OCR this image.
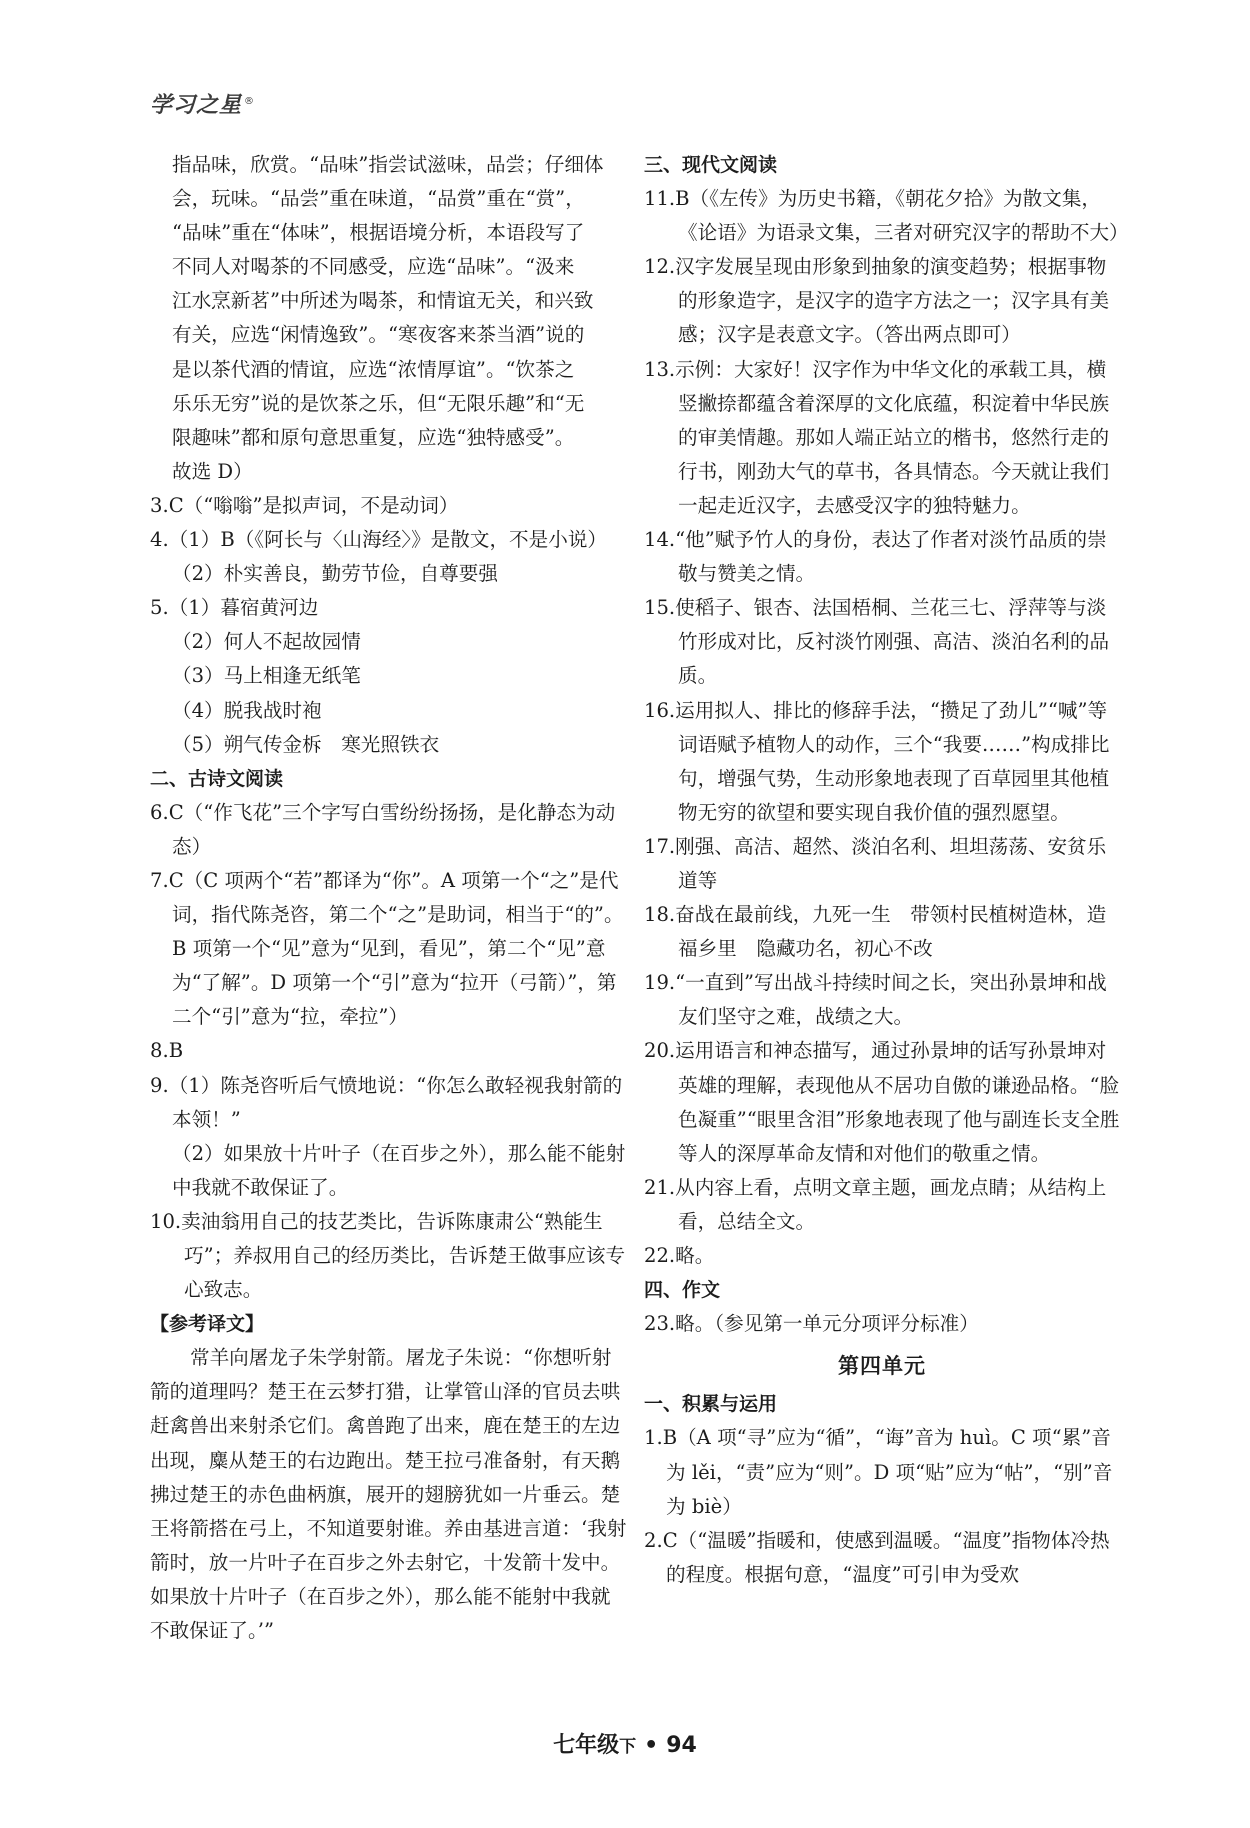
学习之星 ®

指品味，欣赏。“品味”指尝试滋味，品尝；仔细体

会，玩味。“品尝”重在味道，“品赏”重在“赏”，

“品味”重在“体味”，根据语境分析，本语段写了

不同人对喝茶的不同感受，应选“品味”。“汲来

江水烹新茗”中所述为喝茶，和情谊无关，和兴致

有关，应选“闲情逸致”。“寒夜客来茶当酒”说的

是以茶代酒的情谊，应选“浓情厚谊”。“饮茶之

乐乐无穷”说的是饮茶之乐，但“无限乐趣”和“无

限趣味”都和原句意思重复，应选“独特感受”。

故选 D）

3.C（“嗡嗡”是拟声词，不是动词）

4.（1）B（《阿长与〈山海经〉》是散文，不是小说）

（2）朴实善良，勤劳节俭，自尊要强

5.（1）暮宿黄河边

（2）何人不起故园情

（3）马上相逢无纸笔

（4）脱我战时袍

（5）朔气传金柝　寒光照铁衣

二、古诗文阅读

6.C（“作飞花”三个字写白雪纷纷扬扬，是化静态为动态）

7.C（C 项两个“若”都译为“你”。A 项第一个“之”是代词，指代陈尧咨，第二个“之”是助词，相当于“的”。B 项第一个“见”意为“见到，看见”，第二个“见”意为“了解”。D 项第一个“引”意为“拉开（弓箭）”，第二个“引”意为“拉，牵拉”）

8.B

9.（1）陈尧咨听后气愤地说：“你怎么敢轻视我射箭的本领！”

（2）如果放十片叶子（在百步之外），那么能不能射中我就不敢保证了。

10.卖油翁用自己的技艺类比，告诉陈康肃公“熟能生巧”；养叔用自己的经历类比，告诉楚王做事应该专心致志。

【参考译文】

常羊向屠龙子朱学射箭。屠龙子朱说：“你想听射箭的道理吗？楚王在云梦打猎，让掌管山泽的官员去哄赶禽兽出来射杀它们。禽兽跑了出来，鹿在楚王的左边出现，麋从楚王的右边跑出。楚王拉弓准备射，有天鹅拂过楚王的赤色曲柄旗，展开的翅膀犹如一片垂云。楚王将箭搭在弓上，不知道要射谁。养由基进言道：‘我射箭时，放一片叶子在百步之外去射它，十发箭十发中。如果放十片叶子（在百步之外），那么能不能射中我就不敢保证了。’”

三、现代文阅读

11.B（《左传》为历史书籍，《朝花夕拾》为散文集，《论语》为语录文集，三者对研究汉字的帮助不大）

12.汉字发展呈现由形象到抽象的演变趋势；根据事物的形象造字，是汉字的造字方法之一；汉字具有美感；汉字是表意文字。（答出两点即可）

13.示例：大家好！汉字作为中华文化的承载工具，横竖撇捺都蕴含着深厚的文化底蕴，积淀着中华民族的审美情趣。那如人端正站立的楷书，悠然行走的行书，刚劲大气的草书，各具情态。今天就让我们一起走近汉字，去感受汉字的独特魅力。

14.“他”赋予竹人的身份，表达了作者对淡竹品质的崇敬与赞美之情。

15.使稻子、银杏、法国梧桐、兰花三七、浮萍等与淡竹形成对比，反衬淡竹刚强、高洁、淡泊名利的品质。

16.运用拟人、排比的修辞手法，“攒足了劲儿”“喊”等词语赋予植物人的动作，三个“我要……”构成排比句，增强气势，生动形象地表现了百草园里其他植物无穷的欲望和要实现自我价值的强烈愿望。

17.刚强、高洁、超然、淡泊名利、坦坦荡荡、安贫乐道等

18.奋战在最前线，九死一生　带领村民植树造林，造福乡里　隐藏功名，初心不改

19.“一直到”写出战斗持续时间之长，突出孙景坤和战友们坚守之难，战绩之大。

20.运用语言和神态描写，通过孙景坤的话写孙景坤对英雄的理解，表现他从不居功自傲的谦逊品格。“脸色凝重”“眼里含泪”形象地表现了他与副连长支全胜等人的深厚革命友情和对他们的敬重之情。

21.从内容上看，点明文章主题，画龙点睛；从结构上看，总结全文。

22.略。

四、作文

23.略。（参见第一单元分项评分标准）

第四单元

一、积累与运用

1.B（A 项“寻”应为“循”，“诲”音为 huì。C 项“累”音为 lěi，“责”应为“则”。D 项“贴”应为“帖”，“别”音为 biè）

2.C（“温暖”指暖和，使感到温暖。“温度”指物体冷热的程度。根据句意，“温度”可引申为受欢

七年级下 • 94
